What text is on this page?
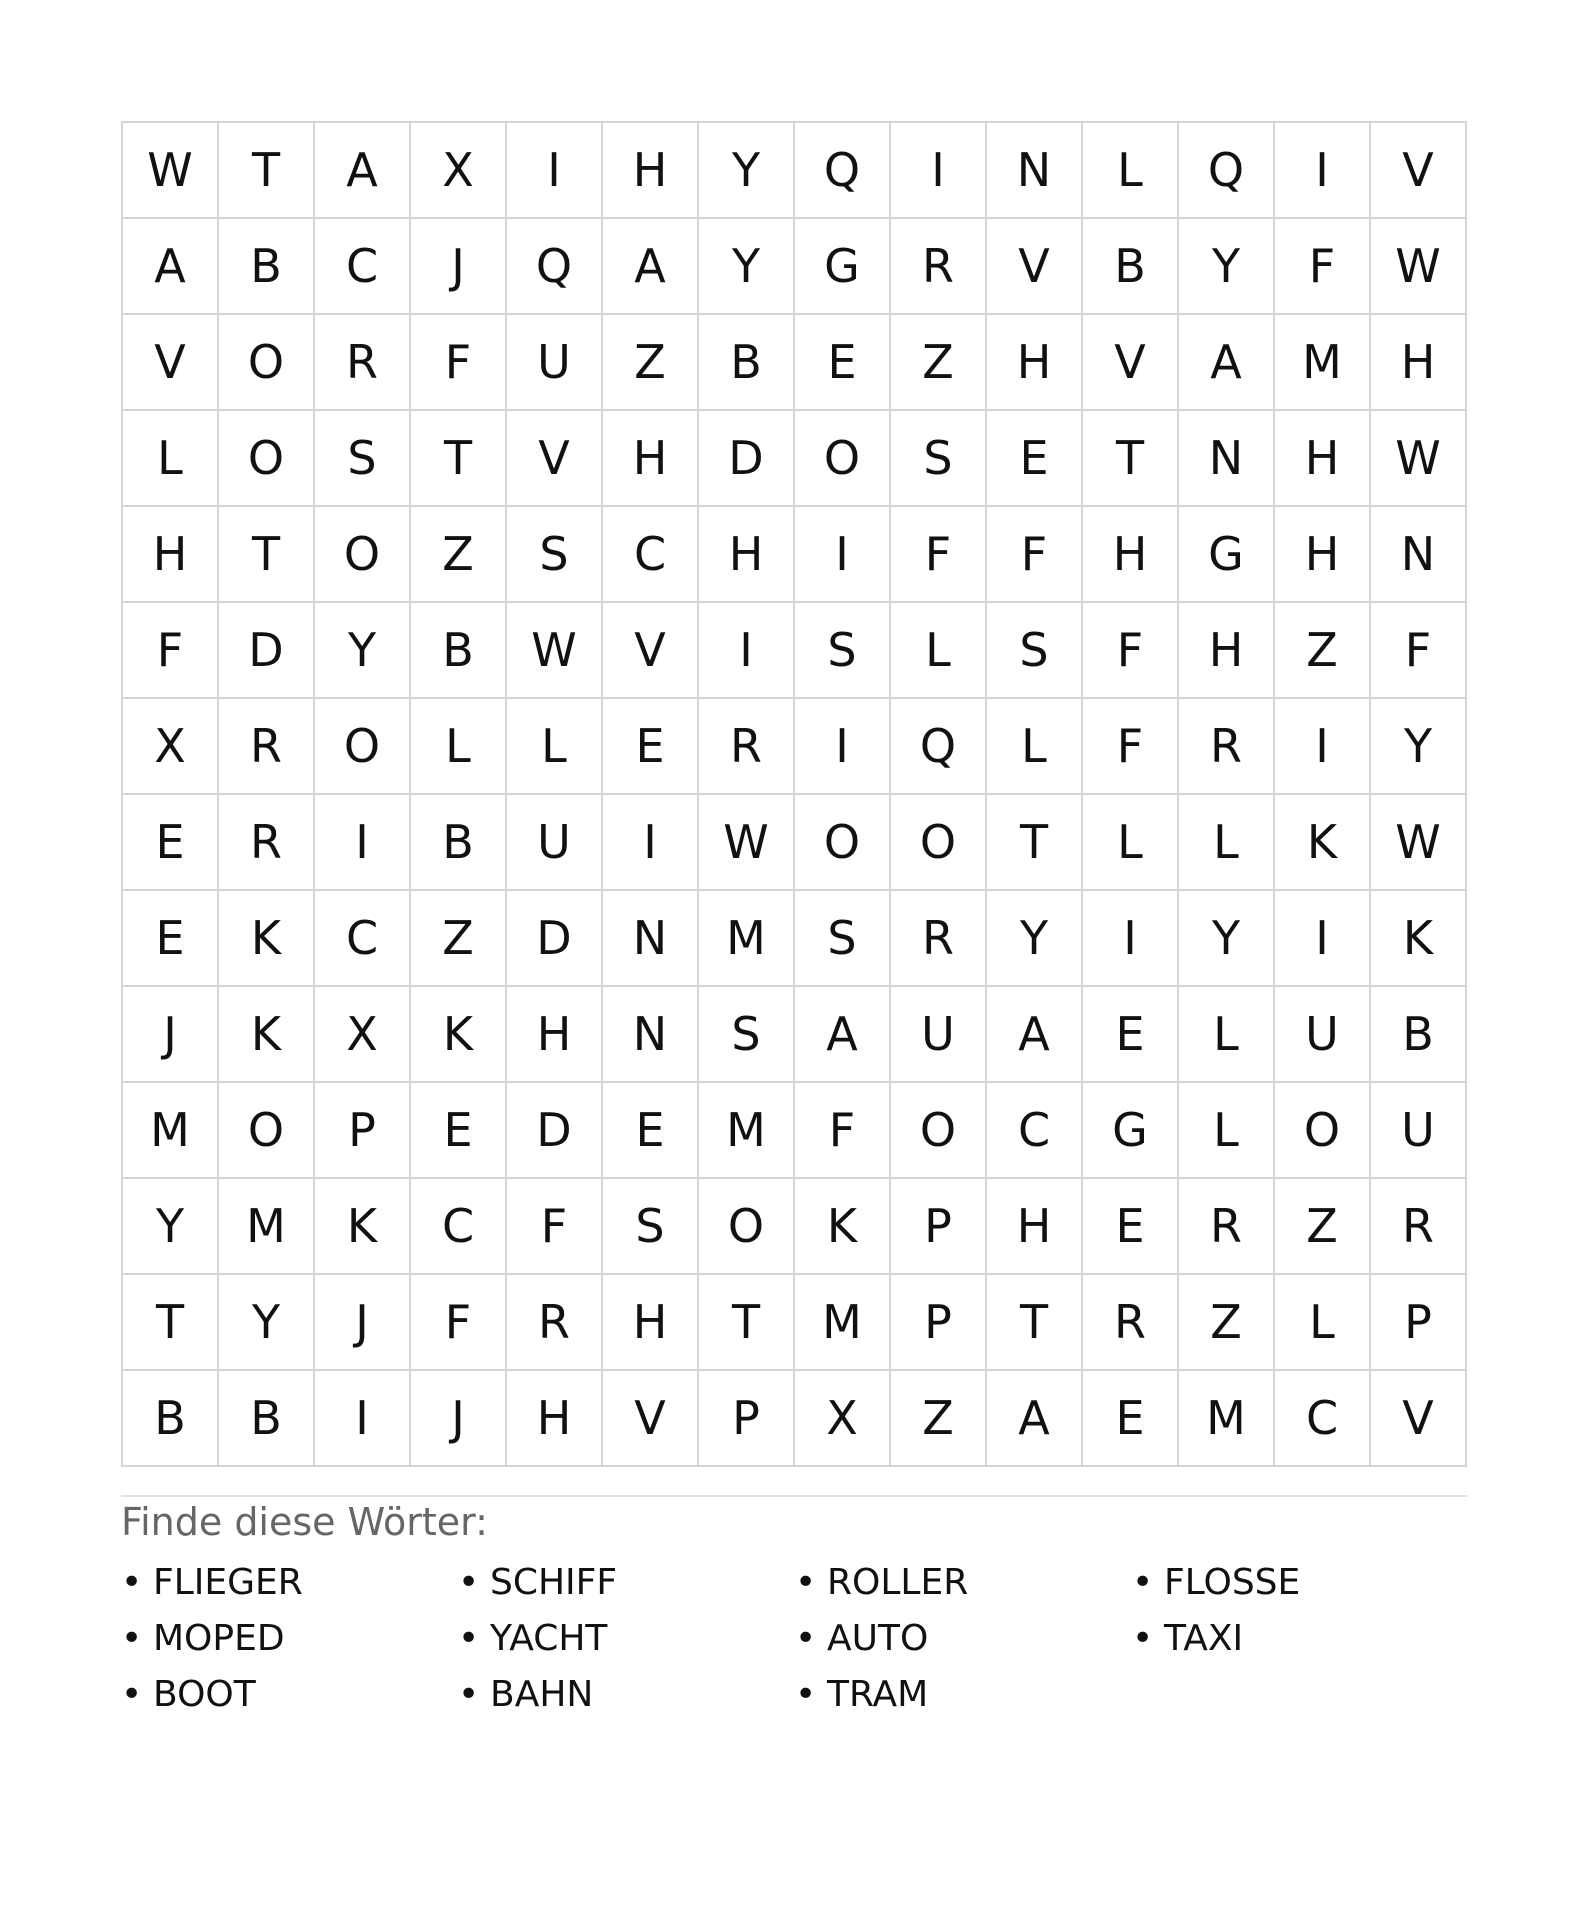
W	T	A	X	I	H	Y	Q	I	N	L	Q	I	V
A	B	C	J	Q	A	Y	G	R	V	B	Y	F	W
V	O	R	F	U	Z	B	E	Z	H	V	A	M	H
L	O	S	T	V	H	D	O	S	E	T	N	H	W
H	T	O	Z	S	C	H	I	F	F	H	G	H	N
F	D	Y	B	W	V	I	S	L	S	F	H	Z	F
X	R	O	L	L	E	R	I	Q	L	F	R	I	Y
E	R	I	B	U	I	W	O	O	T	L	L	K	W
E	K	C	Z	D	N	M	S	R	Y	I	Y	I	K
J	K	X	K	H	N	S	A	U	A	E	L	U	B
M	O	P	E	D	E	M	F	O	C	G	L	O	U
Y	M	K	C	F	S	O	K	P	H	E	R	Z	R
T	Y	J	F	R	H	T	M	P	T	R	Z	L	P
B	B	I	J	H	V	P	X	Z	A	E	M	C	V
Finde diese Wörter:
• FLIEGER
• MOPED
• BOOT
• SCHIFF
• YACHT
• BAHN
• ROLLER
• AUTO
• TRAM
• FLOSSE
• TAXI
